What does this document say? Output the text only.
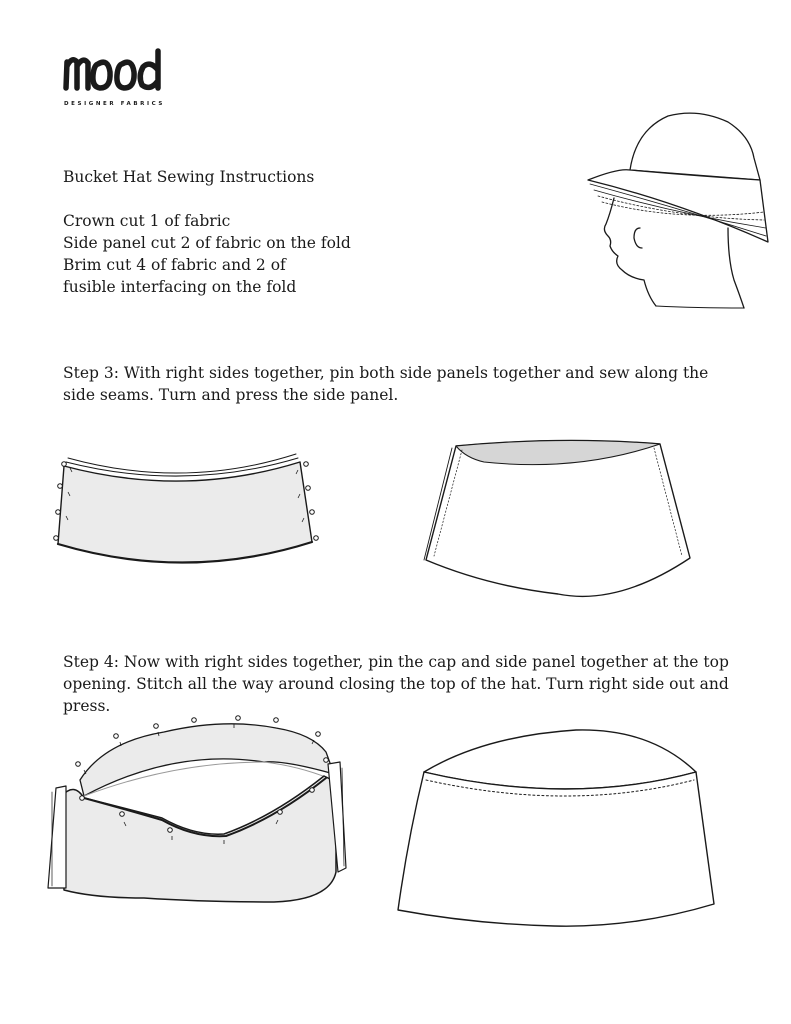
DESIGNER FABRICS
Bucket Hat Sewing Instructions
Crown cut 1 of fabric
Side panel cut 2 of fabric on the fold
Brim cut 4 of fabric and 2 of
fusible interfacing on the fold
Step 3: With right sides together, pin both side panels together and sew along the side seams. Turn and press the side panel.
Step 4: Now with right sides together, pin the cap and side panel together at the top opening. Stitch all the way around closing the top of the hat. Turn right side out and press.
